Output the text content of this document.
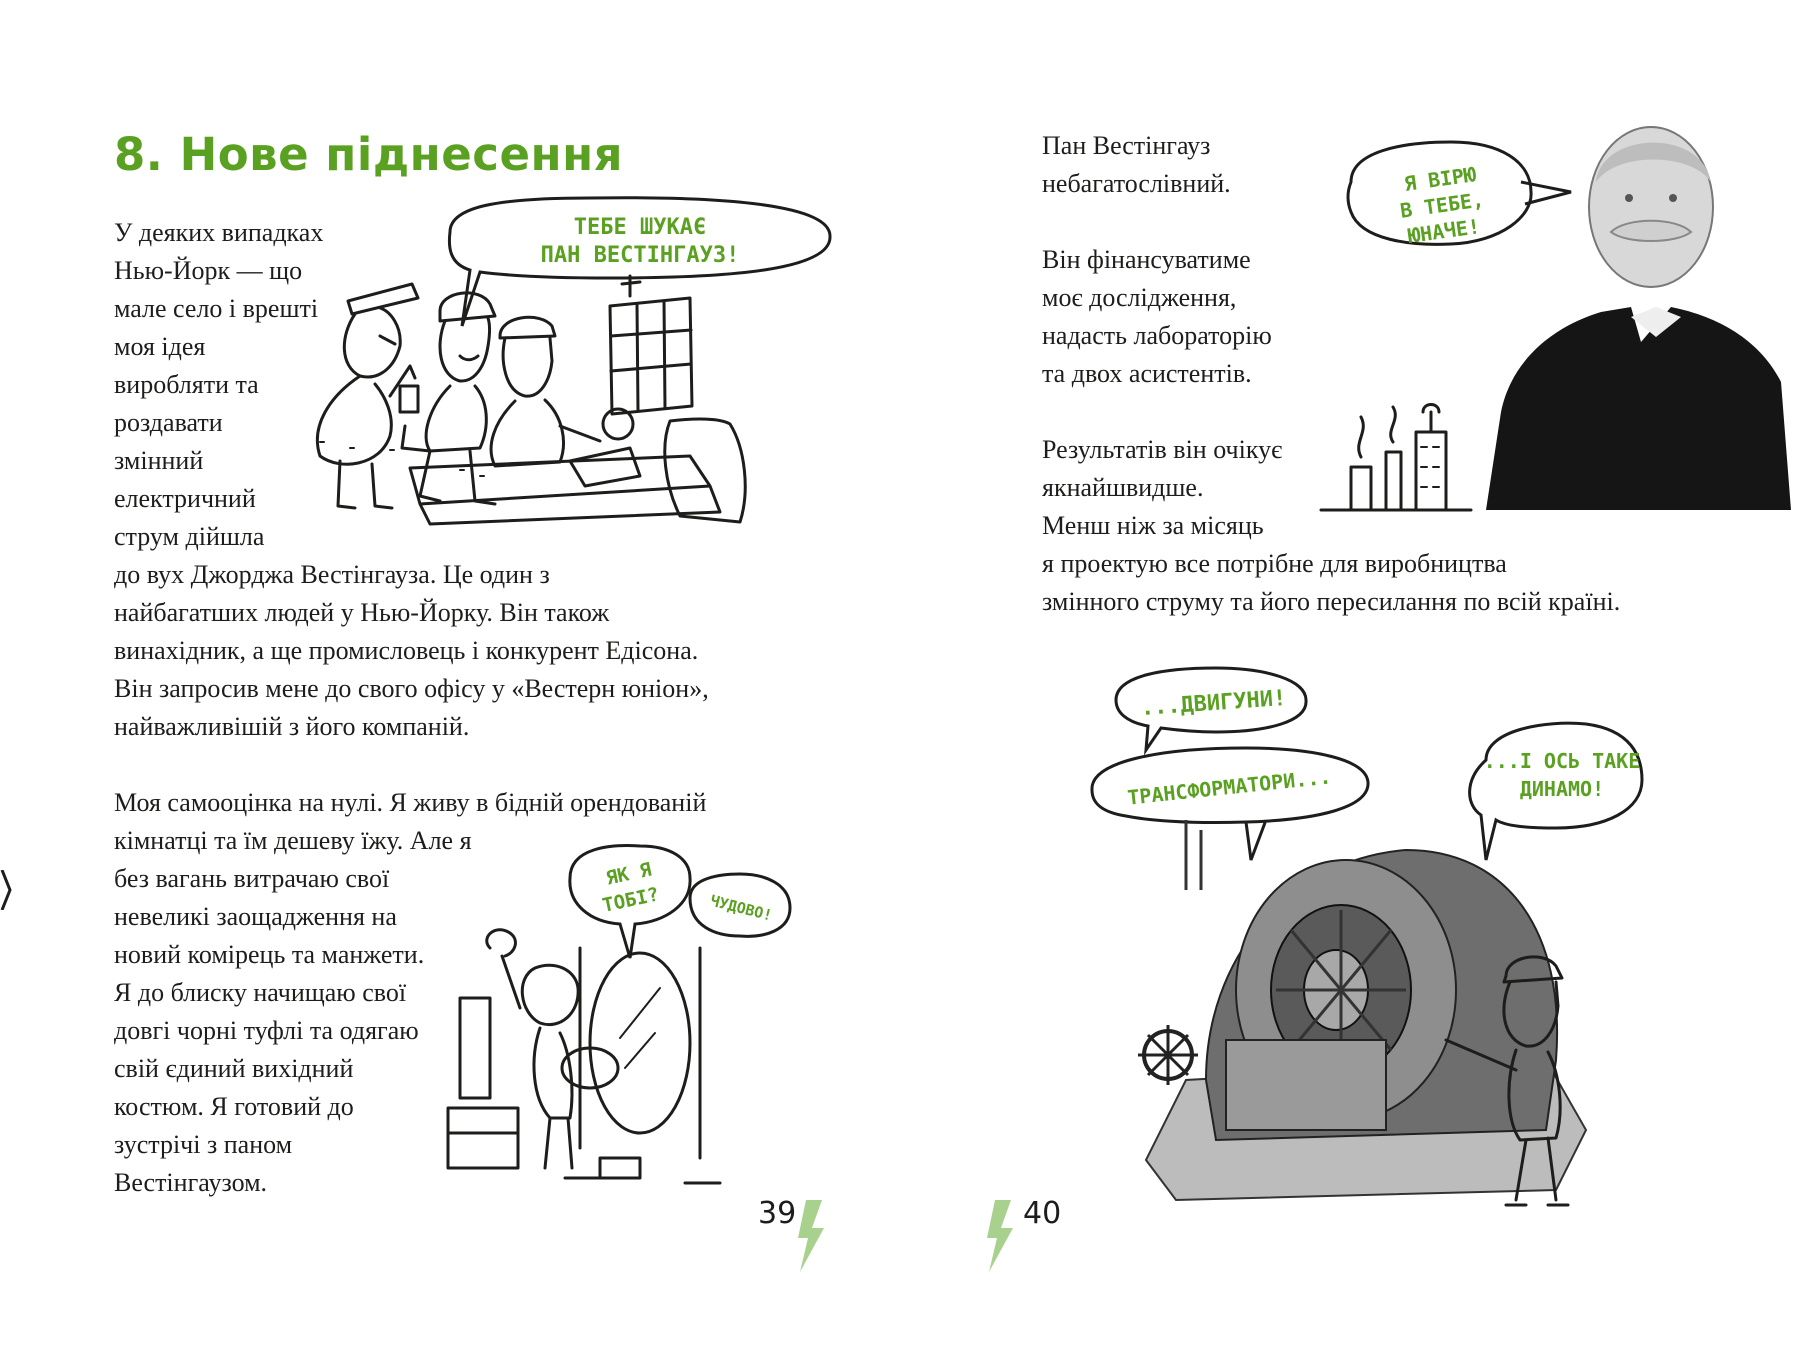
8. Нове піднесення
У деяких випадках
Нью-Йорк — що
мале село і врешті
моя ідея
виробляти та
роздавати
змінний
електричний
струм дійшла
до вух Джорджа Вестінгауза. Це один з
найбагатших людей у Нью-Йорку. Він також
винахідник, а ще промисловець і конкурент Едісона.
Він запросив мене до свого офісу у «Вестерн юніон»,
найважливішій з його компаній.
Моя самооцінка на нулі. Я живу в бідній орендованій
кімнатці та їм дешеву їжу. Але я
без вагань витрачаю свої
невеликі заощадження на
новий комірець та манжети.
Я до блиску начищаю свої
довгі чорні туфлі та одягаю
свій єдиний вихідний
костюм. Я готовий до
зустрічі з паном
Вестінгаузом.
ТЕБЕ ШУКАЄ
ПАН ВЕСТІНГАУЗ!
ЯК Я
ТОБІ?	ЧУДОВО!
39
Пан Вестінгауз
небагатослівний.
Він фінансуватиме
моє дослідження,
надасть лабораторію
та двох асистентів.
Результатів він очікує
якнайшвидше.
Менш ніж за місяць
я проектую все потрібне для виробництва
змінного струму та його пересилання по всій країні.
Я ВІРЮ
В ТЕБЕ,
ЮНАЧЕ!
...ДВИГУНИ!
ТРАНСФОРМАТОРИ...
...І ОСЬ ТАКЕ
ДИНАМО!
40
